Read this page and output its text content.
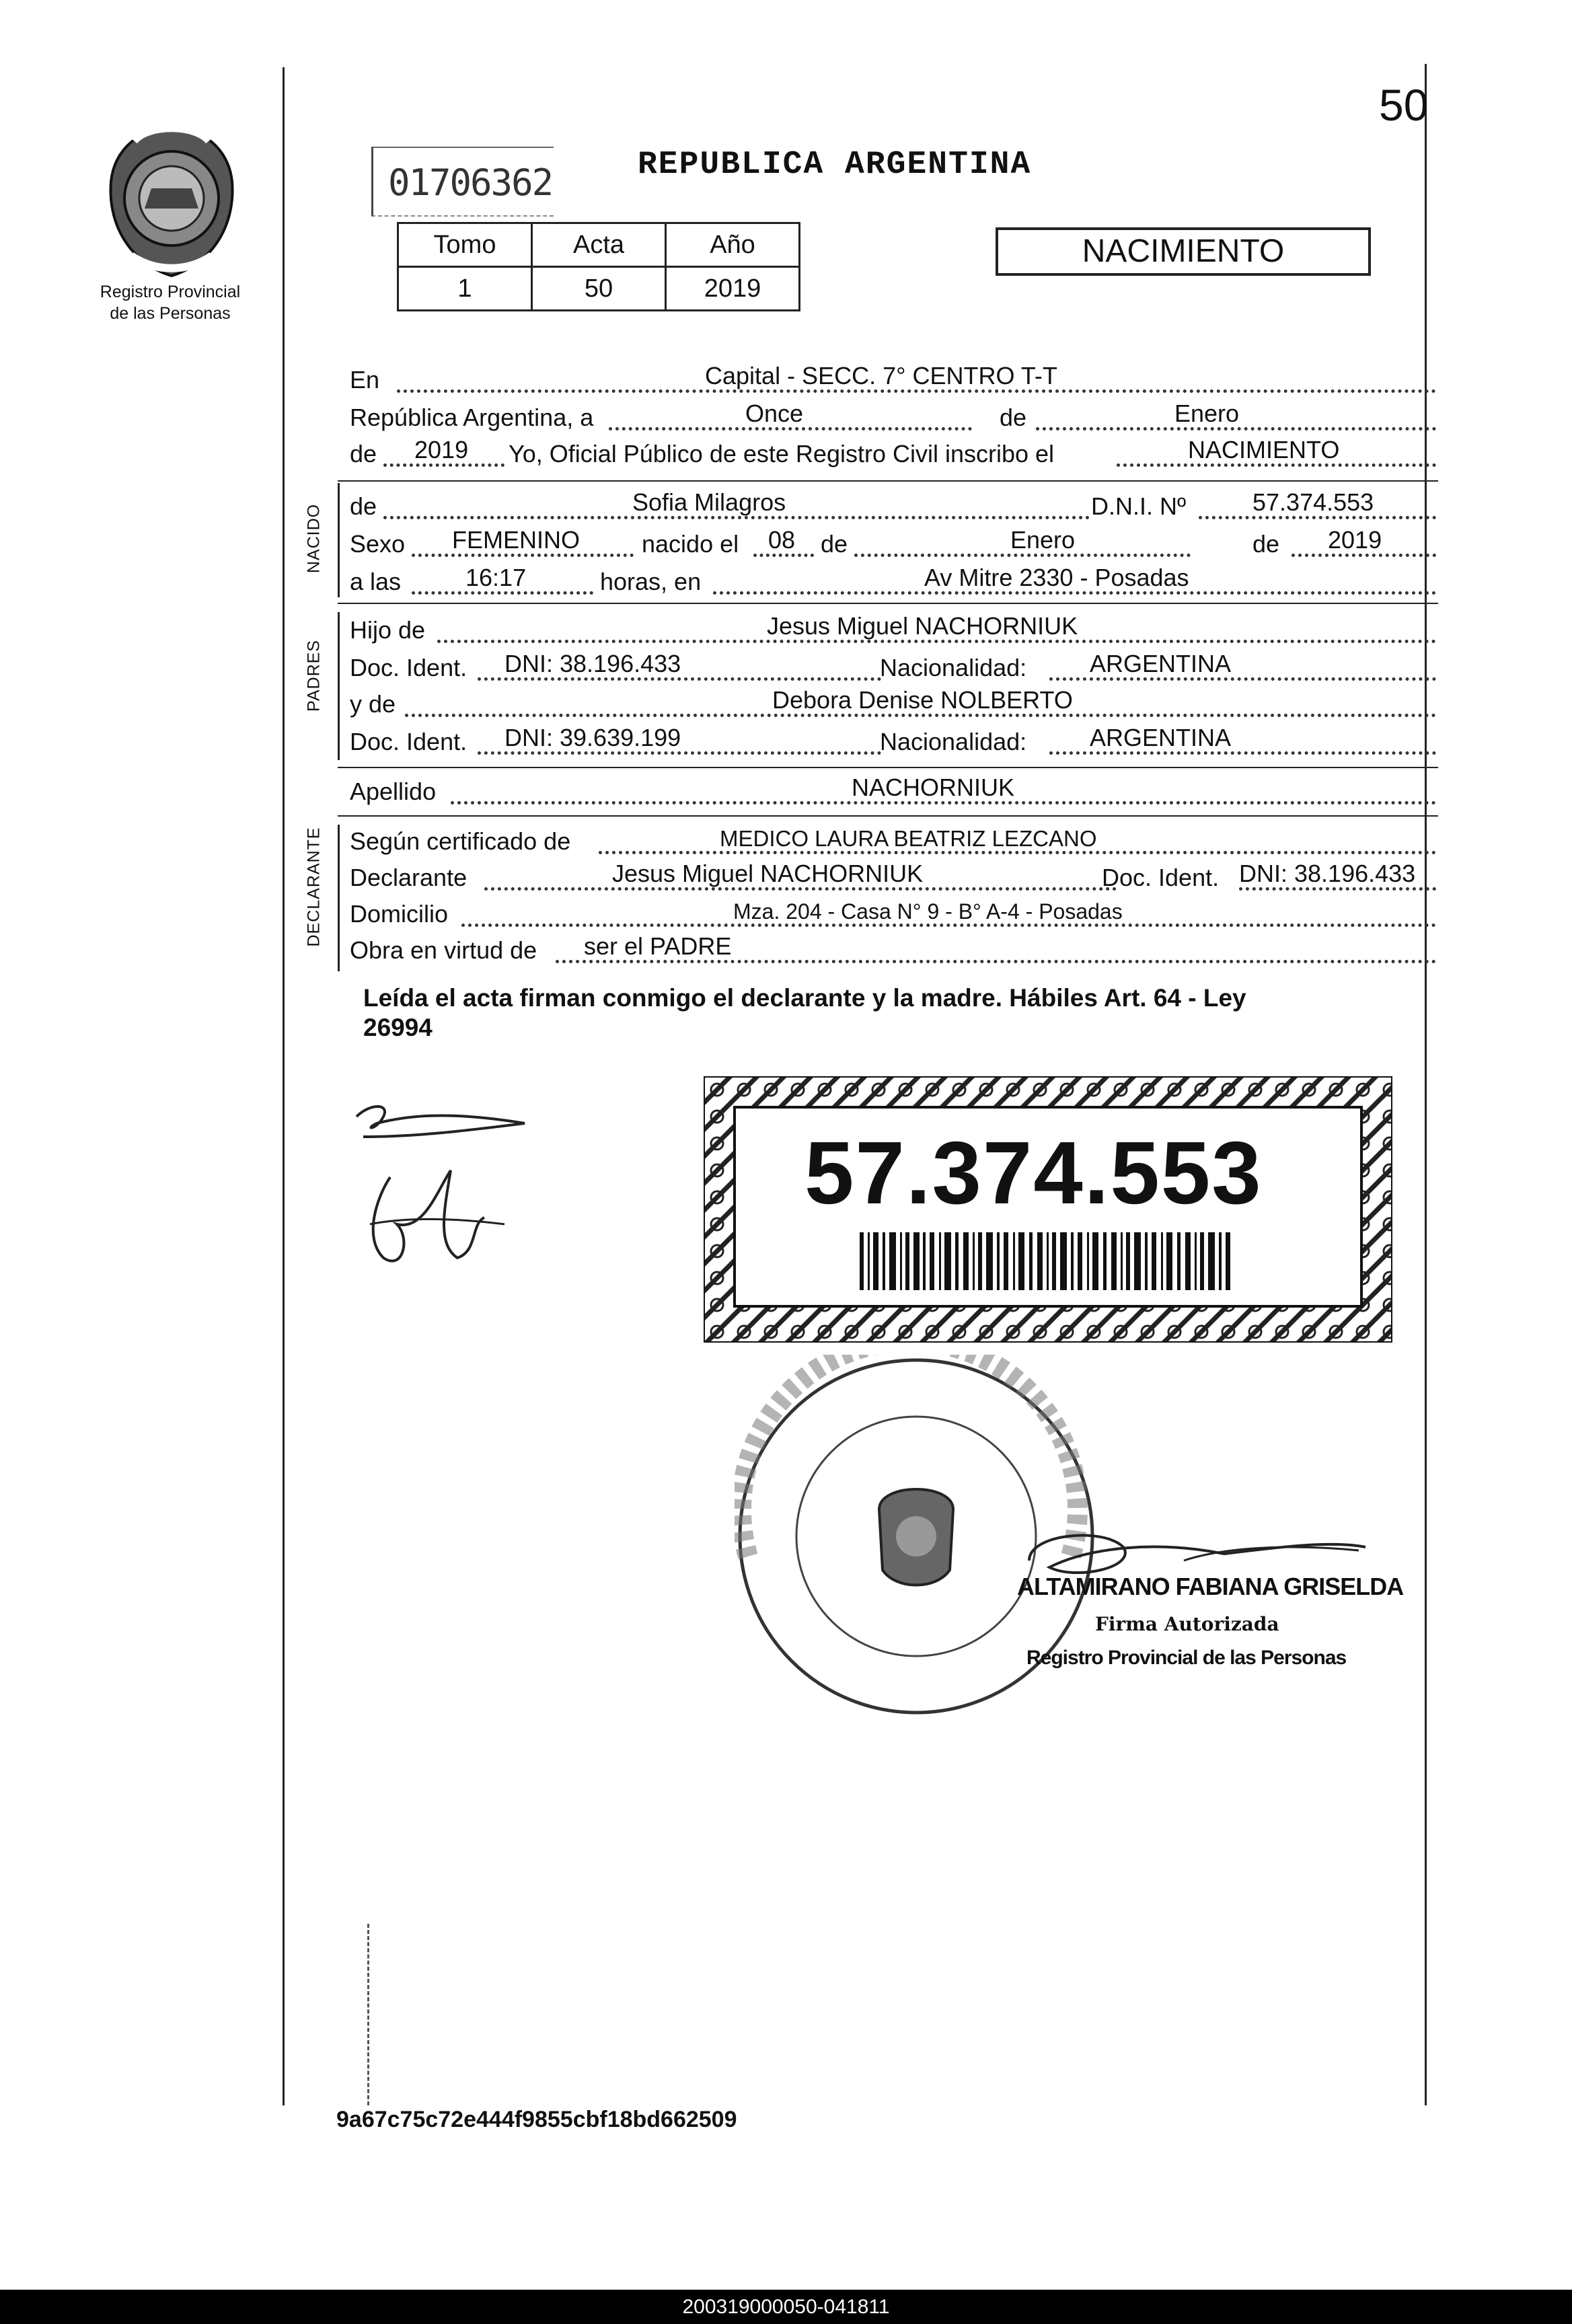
Registro Provincial
de las Personas
50
01706362	REPUBLICA ARGENTINA
Tomo	Acta	Año
1	50	2019
NACIMIENTO
NACIDO
PADRES
DECLARANTE
En	Capital - SECC. 7° CENTRO T-T
República Argentina, a	Once	de	Enero
de 2019 Yo, Oficial Público de este Registro Civil inscribo el	NACIMIENTO
de	Sofia Milagros	D.N.I. Nº	57.374.553
Sexo FEMENINO	nacido el 08 de	Enero	de 2019
a las	16:17	horas, en	Av Mitre 2330 - Posadas
Hijo de	Jesus Miguel NACHORNIUK
Doc. Ident. DNI: 38.196.433	Nacionalidad:	ARGENTINA
y de	Debora Denise NOLBERTO
Doc. Ident. DNI: 39.639.199	Nacionalidad:	ARGENTINA
Apellido	NACHORNIUK
Según certificado de	MEDICO LAURA BEATRIZ LEZCANO
Declarante	Jesus Miguel NACHORNIUK	Doc. Ident. DNI: 38.196.433
Domicilio	Mza. 204 - Casa N° 9 - B° A-4 - Posadas
Obra en virtud de ser el PADRE
Leída el acta firman conmigo el declarante y la madre. Hábiles Art. 64 - Ley
26994
57.374.553
ALTAMIRANO FABIANA GRISELDA
Firma Autorizada
Registro Provincial de las Personas
9a67c75c72e444f9855cbf18bd662509
200319000050-041811
